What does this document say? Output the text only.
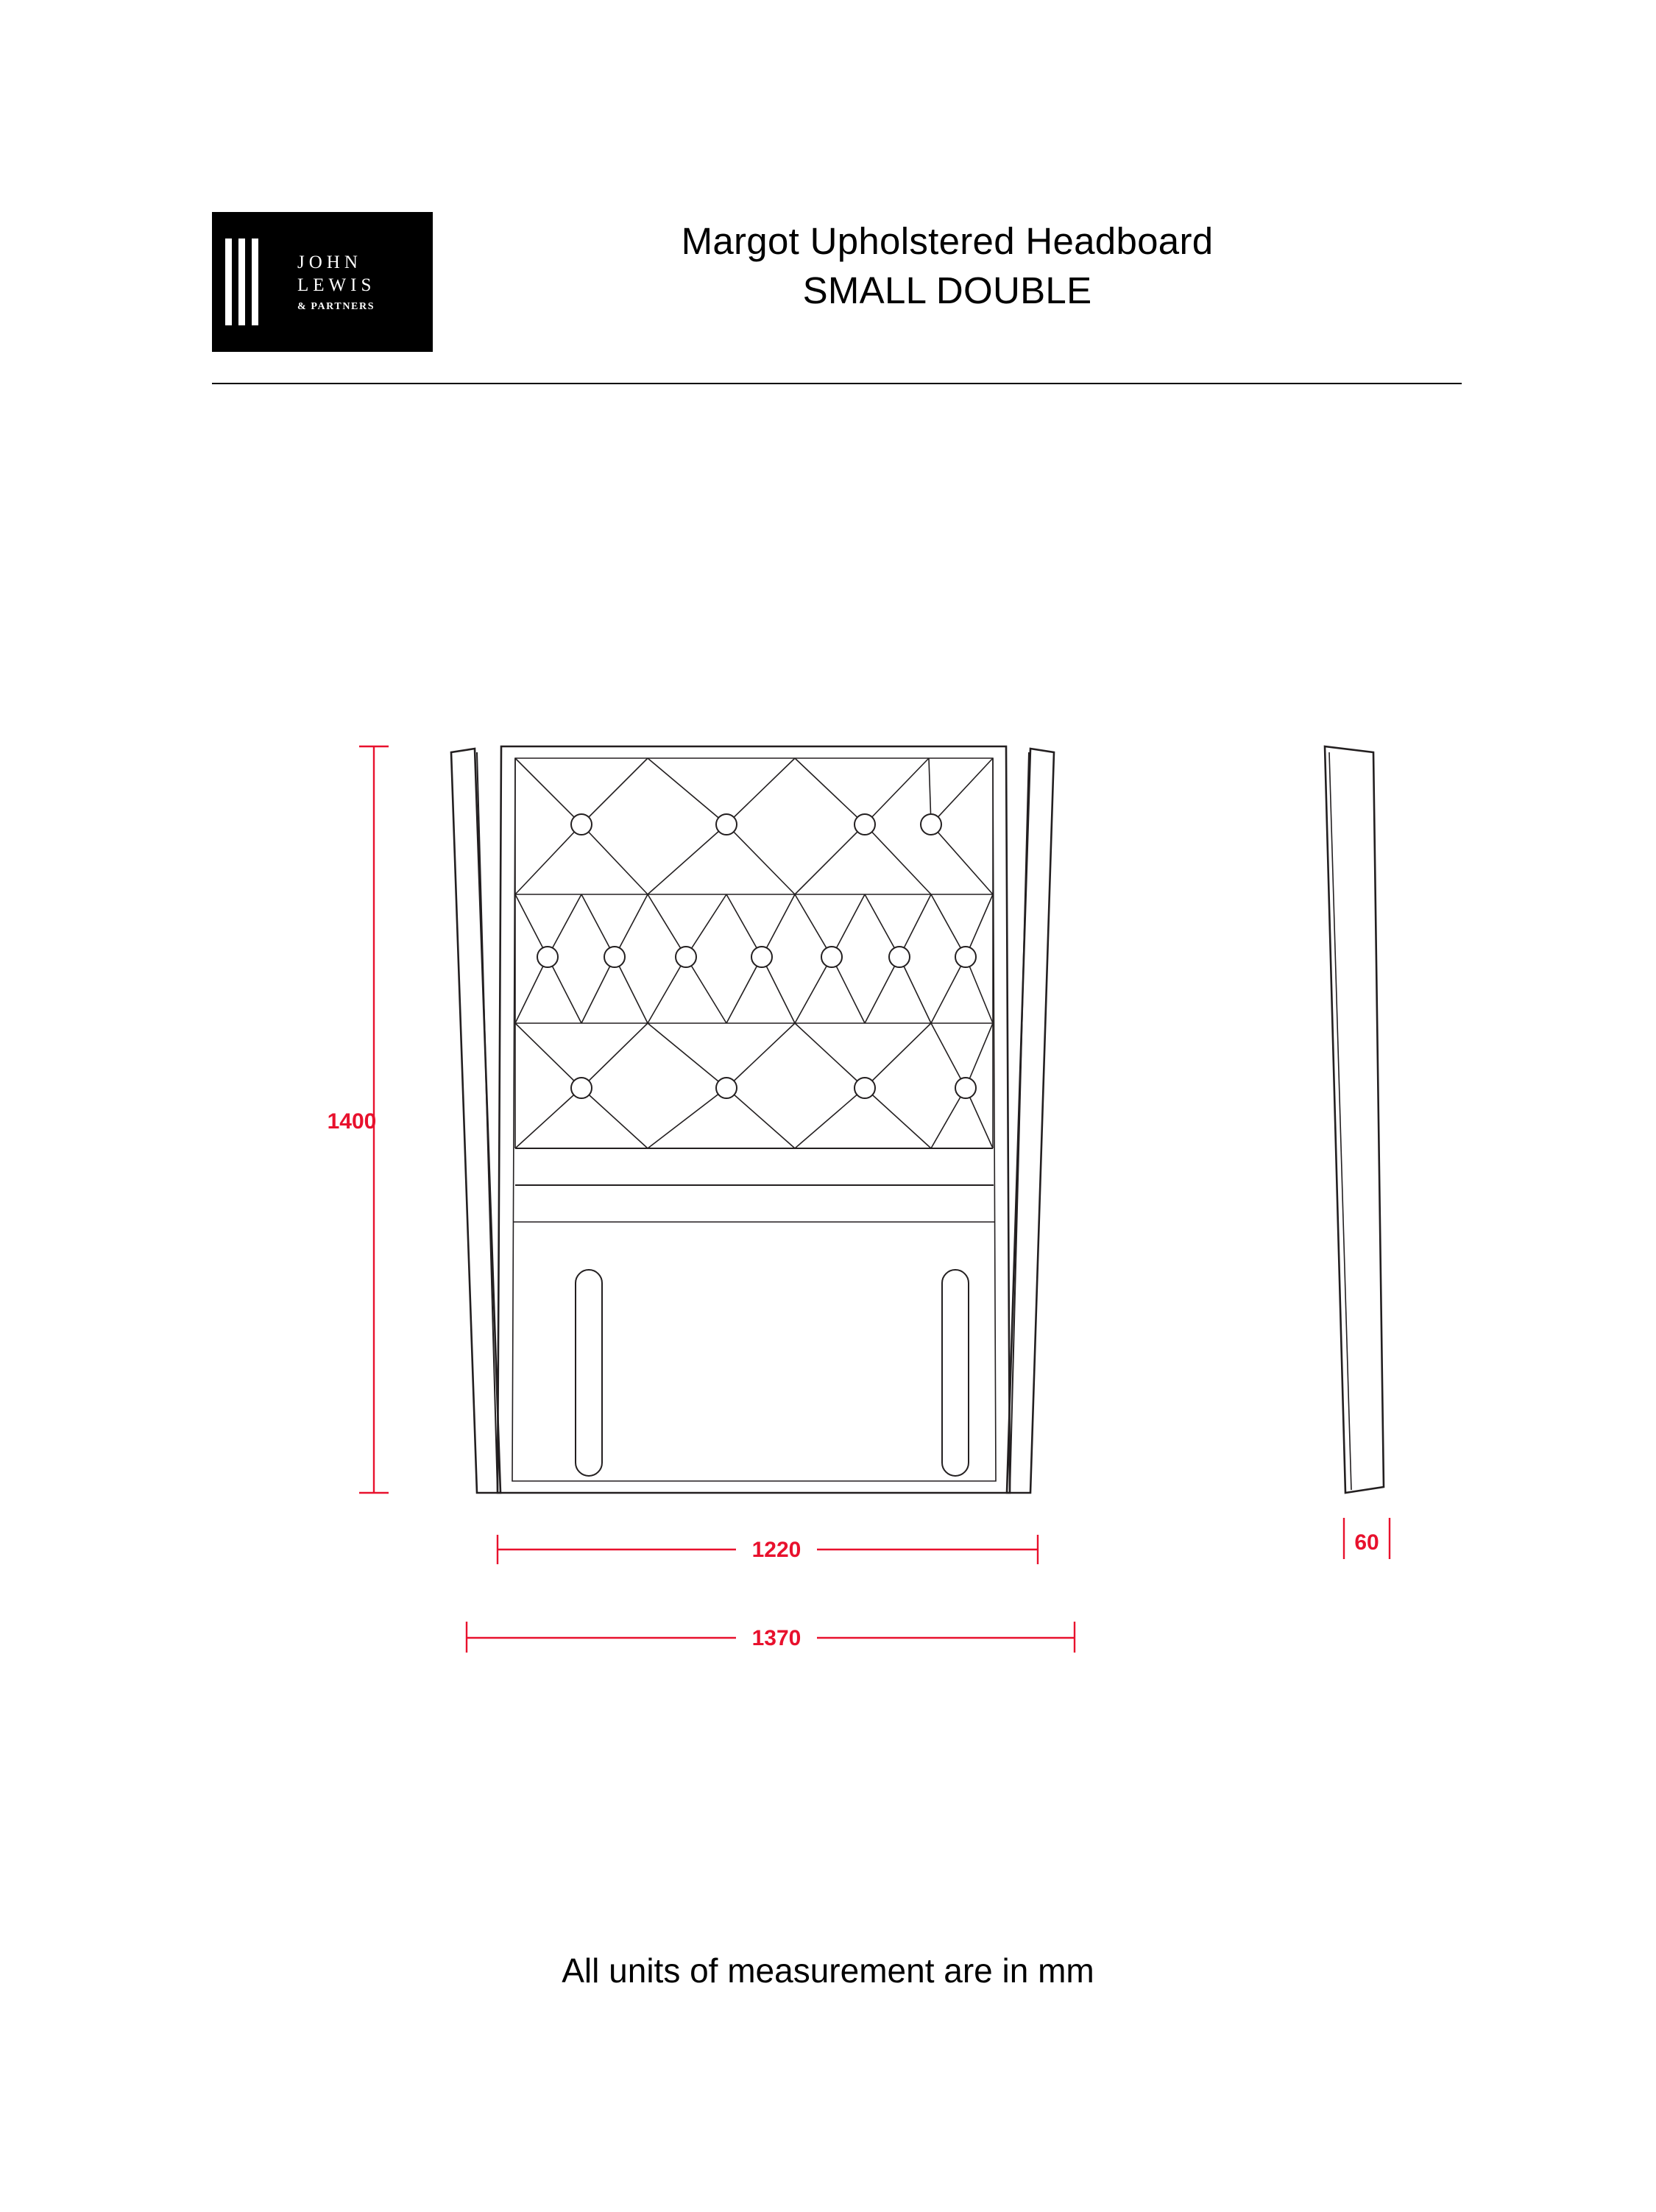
JOHN
LEWIS
& PARTNERS
Margot Upholstered Headboard
SMALL DOUBLE
1400
1220
1370
60
All units of measurement are in mm
